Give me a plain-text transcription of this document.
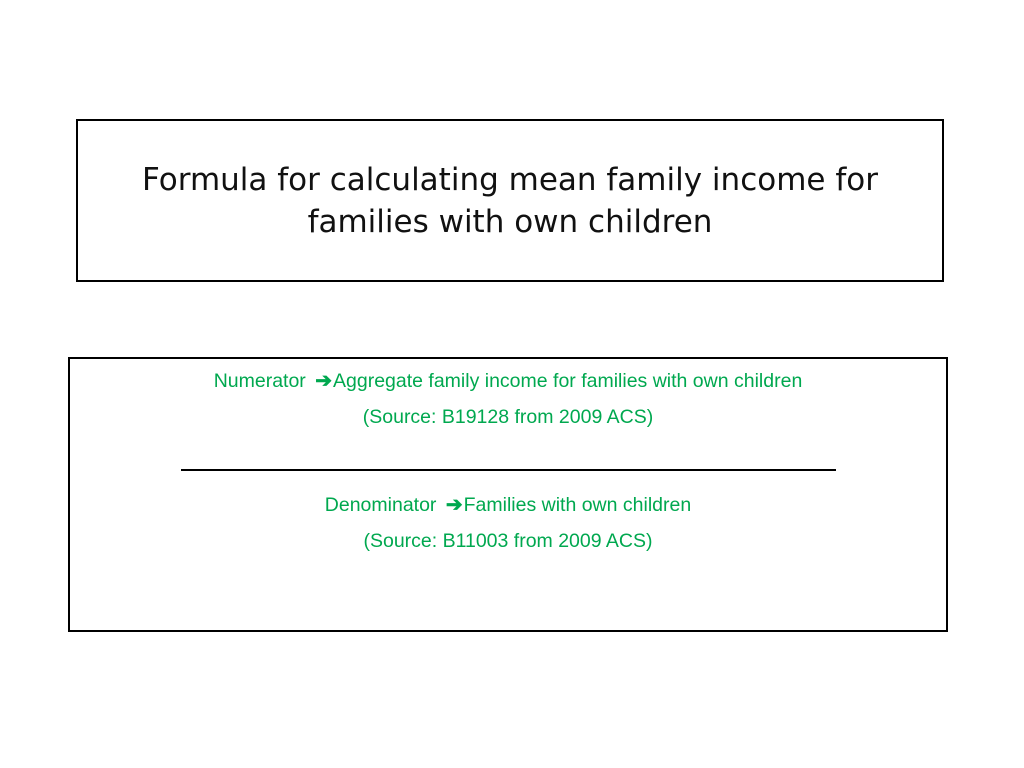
Formula for calculating mean family income for
families with own children
Numerator ➔Aggregate family income for families with own children
(Source: B19128 from 2009 ACS)
Denominator ➔Families with own children
(Source: B11003 from 2009 ACS)
